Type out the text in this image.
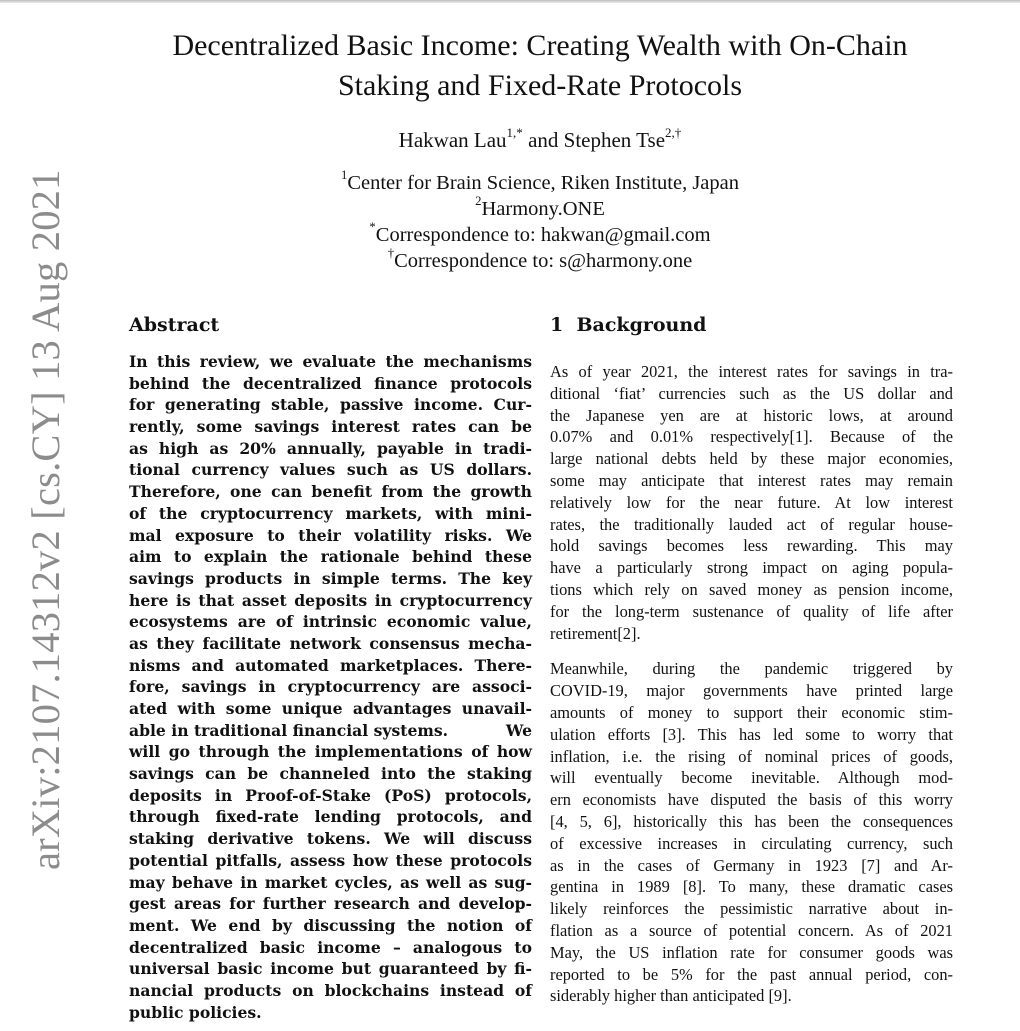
arXiv:2107.14312v2 [cs.CY] 13 Aug 2021
Decentralized Basic Income: Creating Wealth with On-Chain
Staking and Fixed-Rate Protocols
Hakwan Lau$^{1,*}$ and Stephen Tse$^{2,\dagger}$
$^1$Center for Brain Science, Riken Institute, Japan
$^2$Harmony.ONE
*Correspondence to: hakwan@gmail.com
†Correspondence to: s@harmony.one
Abstract
In this review, we evaluate the mechanisms
behind the decentralized finance protocols
for generating stable, passive income. Cur-
rently, some savings interest rates can be
as high as 20% annually, payable in tradi-
tional currency values such as US dollars.
Therefore, one can benefit from the growth
of the cryptocurrency markets, with mini-
mal exposure to their volatility risks. We
aim to explain the rationale behind these
savings products in simple terms. The key
here is that asset deposits in cryptocurrency
ecosystems are of intrinsic economic value,
as they facilitate network consensus mecha-
nisms and automated marketplaces. There-
fore, savings in cryptocurrency are associ-
ated with some unique advantages unavail-
able in traditional financial systems.	We
will go through the implementations of how
savings can be channeled into the staking
deposits in Proof-of-Stake (PoS) protocols,
through fixed-rate lending protocols, and
staking derivative tokens. We will discuss
potential pitfalls, assess how these protocols
may behave in market cycles, as well as sug-
gest areas for further research and develop-
ment. We end by discussing the notion of
decentralized basic income – analogous to
universal basic income but guaranteed by fi-
nancial products on blockchains instead of
public policies.
1 Background
As of year 2021, the interest rates for savings in tra-
ditional ‘fiat’ currencies such as the US dollar and
the Japanese yen are at historic lows, at around
0.07% and 0.01% respectively[1]. Because of the
large national debts held by these major economies,
some may anticipate that interest rates may remain
relatively low for the near future. At low interest
rates, the traditionally lauded act of regular house-
hold savings becomes less rewarding. This may
have a particularly strong impact on aging popula-
tions which rely on saved money as pension income,
for the long-term sustenance of quality of life after
retirement[2].
Meanwhile, during the pandemic triggered by
COVID-19, major governments have printed large
amounts of money to support their economic stim-
ulation efforts [3]. This has led some to worry that
inflation, i.e. the rising of nominal prices of goods,
will eventually become inevitable. Although mod-
ern economists have disputed the basis of this worry
[4, 5, 6], historically this has been the consequences
of excessive increases in circulating currency, such
as in the cases of Germany in 1923 [7] and Ar-
gentina in 1989 [8]. To many, these dramatic cases
likely reinforces the pessimistic narrative about in-
flation as a source of potential concern. As of 2021
May, the US inflation rate for consumer goods was
reported to be 5% for the past annual period, con-
siderably higher than anticipated [9].
